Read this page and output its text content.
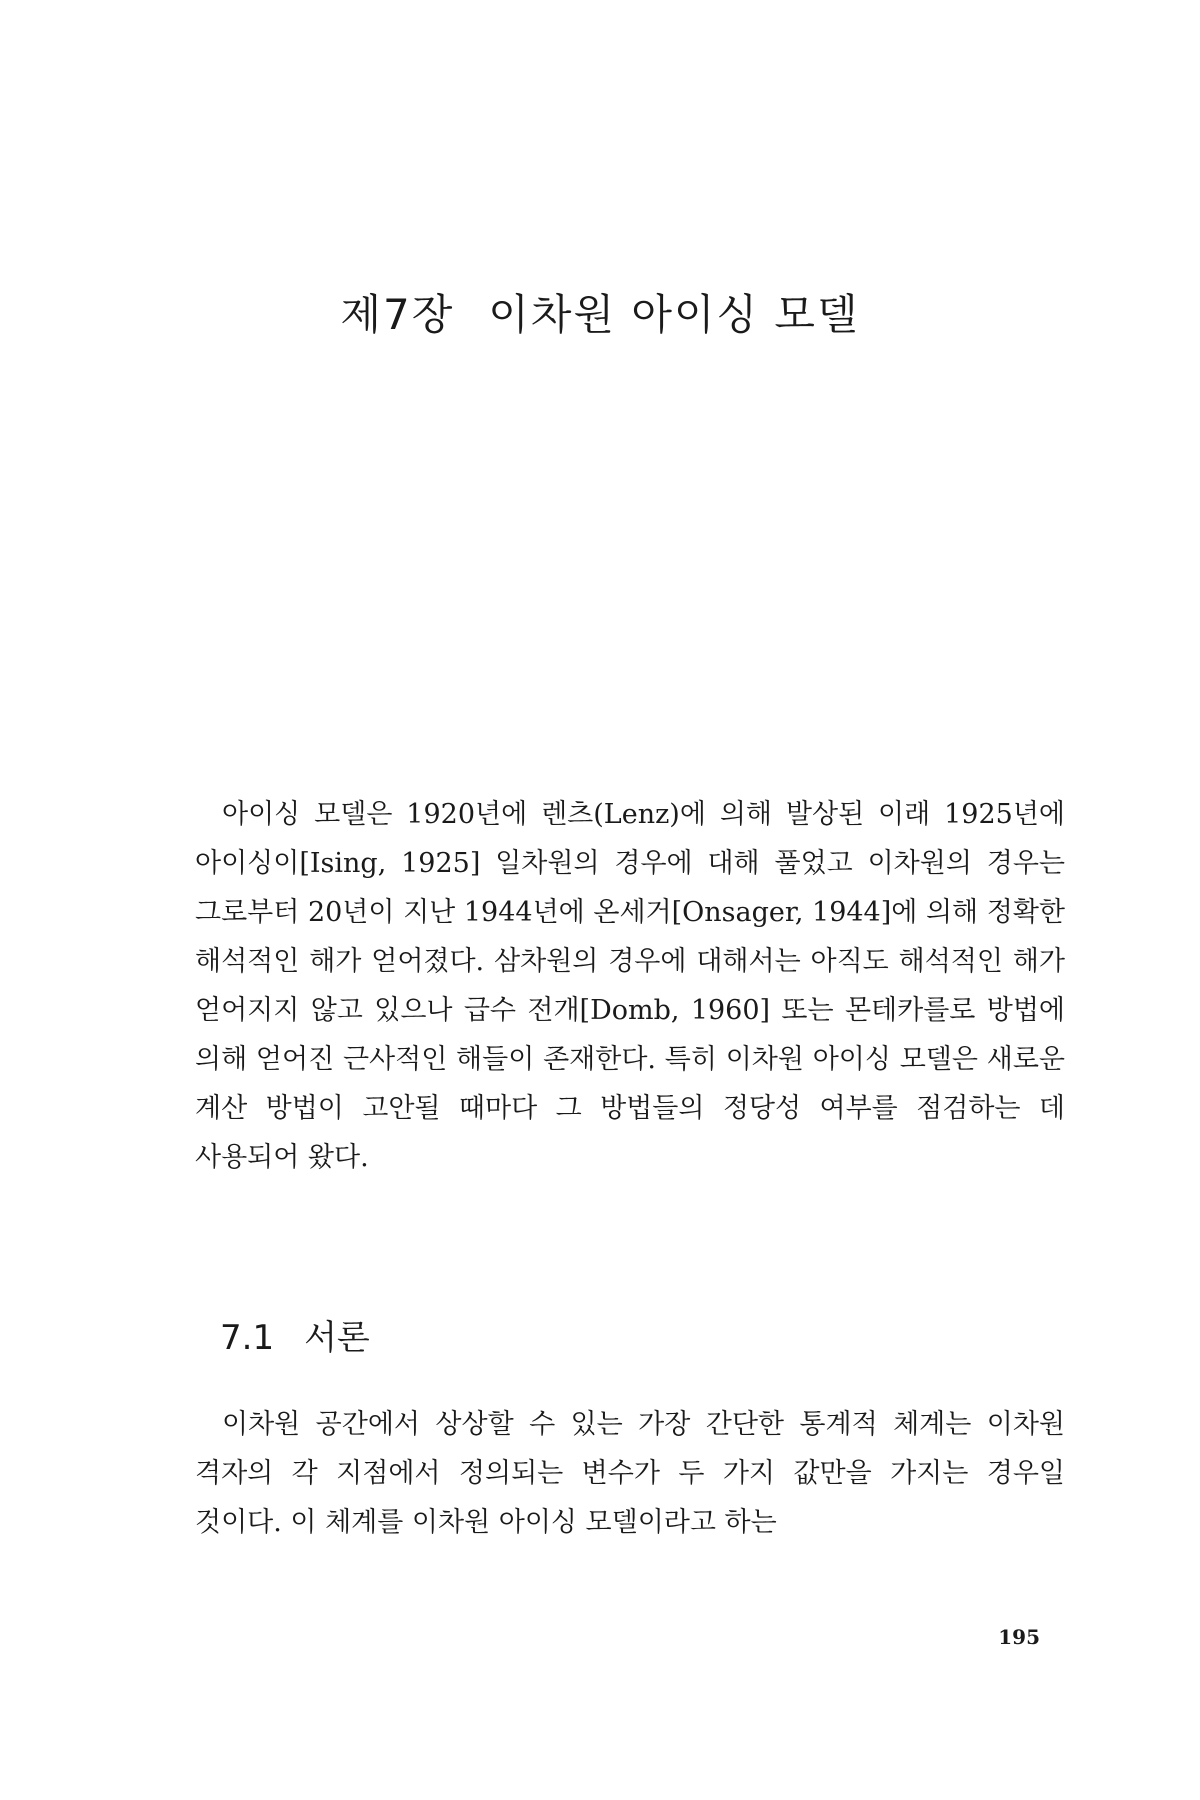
제7장 이차원 아이싱 모델

아이싱 모델은 1920년에 렌츠(Lenz)에 의해 발상된 이래 1925년에 아이싱이[Ising, 1925] 일차원의 경우에 대해 풀었고 이차원의 경우는 그로부터 20년이 지난 1944년에 온세거[Onsager, 1944]에 의해 정확한 해석적인 해가 얻어졌다. 삼차원의 경우에 대해서는 아직도 해석적인 해가 얻어지지 않고 있으나 급수 전개[Domb, 1960] 또는 몬테카를로 방법에 의해 얻어진 근사적인 해들이 존재한다. 특히 이차원 아이싱 모델은 새로운 계산 방법이 고안될 때마다 그 방법들의 정당성 여부를 점검하는 데 사용되어 왔다.

7.1 서론

이차원 공간에서 상상할 수 있는 가장 간단한 통계적 체계는 이차원 격자의 각 지점에서 정의되는 변수가 두 가지 값만을 가지는 경우일 것이다. 이 체계를 이차원 아이싱 모델이라고 하는

195
